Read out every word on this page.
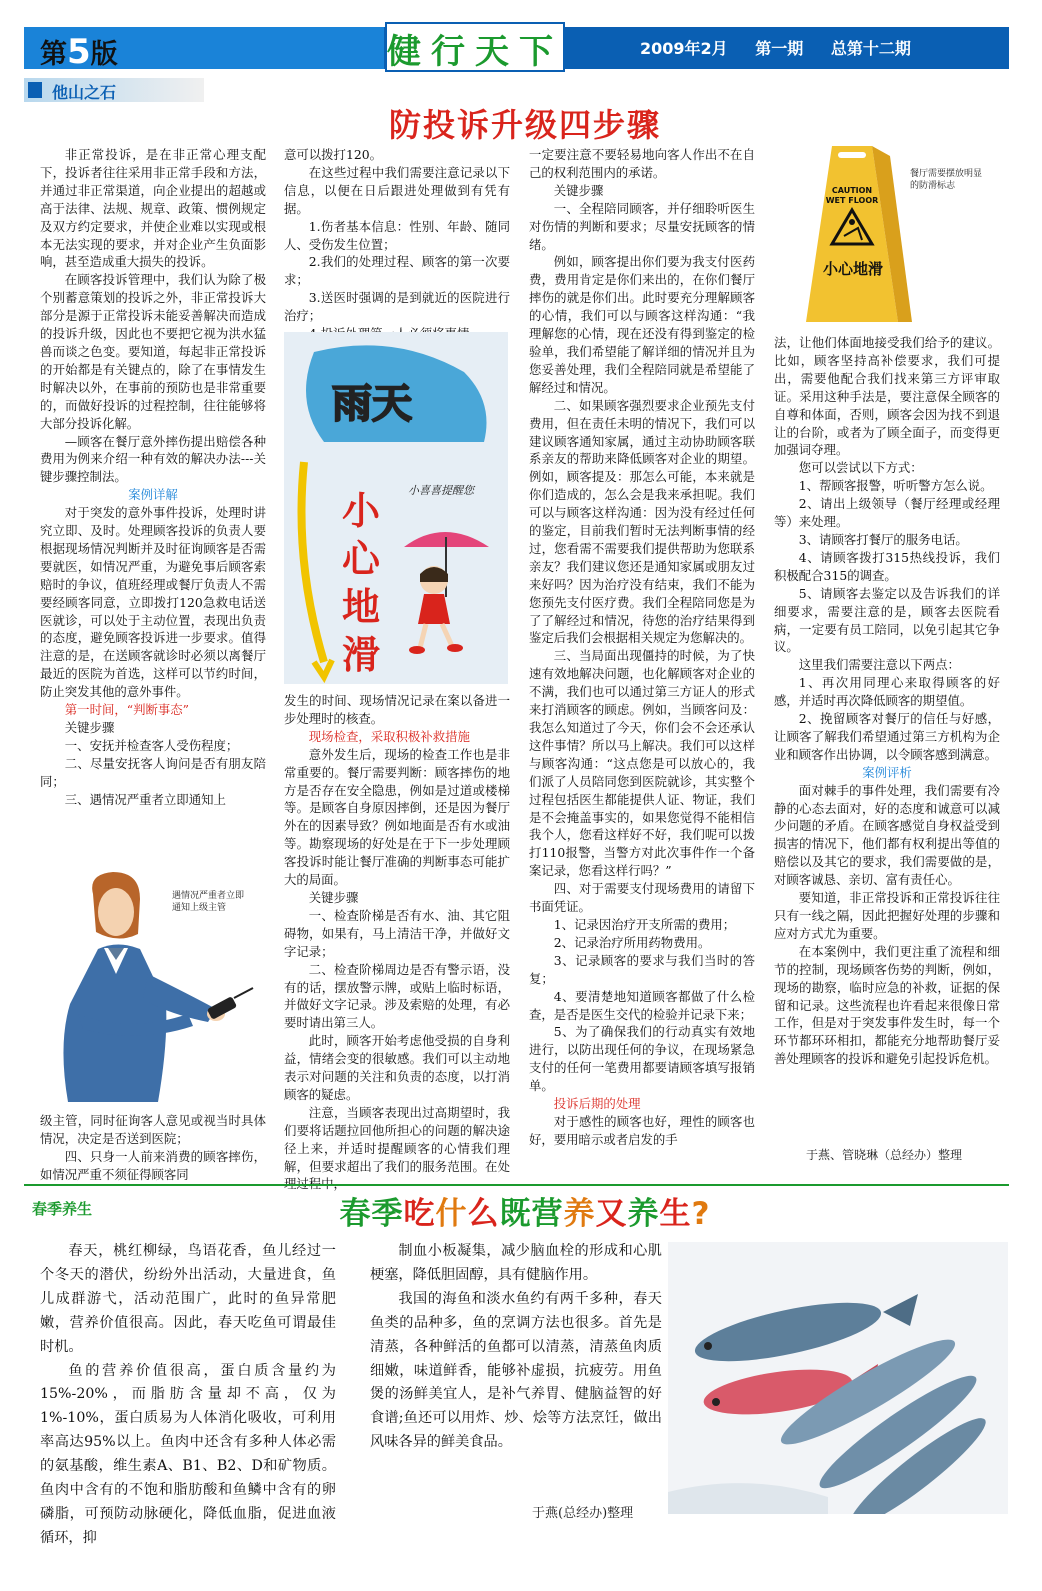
第5版	健行天下	2009年2月 第一期 总第十二期
他山之石
防投诉升级四步骤

非正常投诉，是在非正常心理支配下，投诉者往往采用非正常手段和方法，并通过非正常渠道，向企业提出的超越或高于法律、法规、规章、政策、惯例规定及双方约定要求，并使企业难以实现或根本无法实现的要求，并对企业产生负面影响，甚至造成重大损失的投诉。

在顾客投诉管理中，我们认为除了极个别蓄意策划的投诉之外，非正常投诉大部分是源于正常投诉未能妥善解决而造成的投诉升级，因此也不要把它视为洪水猛兽而谈之色变。要知道，每起非正常投诉的开始都是有关键点的，除了在事情发生时解决以外，在事前的预防也是非常重要的，而做好投诉的过程控制，往往能够将大部分投诉化解。

—顾客在餐厅意外摔伤提出赔偿各种费用为例来介绍一种有效的解决办法---关键步骤控制法。

案例详解

对于突发的意外事件投诉，处理时讲究立即、及时。处理顾客投诉的负责人要根据现场情况判断并及时征询顾客是否需要就医，如情况严重，为避免事后顾客索赔时的争议，值班经理或餐厅负责人不需要经顾客同意，立即拨打120急救电话送医就诊，可以处于主动位置，表现出负责的态度，避免顾客投诉进一步要求。值得注意的是，在送顾客就诊时必须以离餐厅最近的医院为首选，这样可以节约时间，防止突发其他的意外事件。

第一时间，“判断事态”

关键步骤

一、安抚并检查客人受伤程度；

二、尽量安抚客人询问是否有朋友陪同；

三、遇情况严重者立即通知上

遇情况严重者立即通知上级主管

级主管，同时征询客人意见或视当时具体情况，决定是否送到医院；

四、只身一人前来消费的顾客摔伤，如情况严重不须征得顾客同

意可以拨打120。

在这些过程中我们需要注意记录以下信息，以便在日后跟进处理做到有凭有据。

1.伤者基本信息：性别、年龄、随同人、受伤发生位置；

2.我们的处理过程、顾客的第一次要求；

3.送医时强调的是到就近的医院进行治疗；

雨天
小心地滑
小喜喜提醒您

发生的时间、现场情况记录在案以备进一步处理时的核查。

现场检查，采取积极补救措施

意外发生后，现场的检查工作也是非常重要的。餐厅需要判断：顾客摔伤的地方是否存在安全隐患，例如是过道或楼梯等。是顾客自身原因摔倒，还是因为餐厅外在的因素导致？例如地面是否有水或油等。勘察现场的好处是在于下一步处理顾客投诉时能让餐厅准确的判断事态可能扩大的局面。

关键步骤

一、检查阶梯是否有水、油、其它阻碍物，如果有，马上清洁干净，并做好文字记录；

二、检查阶梯周边是否有警示语，没有的话，摆放警示牌，或贴上临时标语，并做好文字记录。涉及索赔的处理，有必要时请出第三人。

此时，顾客开始考虑他受损的自身利益，情绪会变的很敏感。我们可以主动地表示对问题的关注和负责的态度，以打消顾客的疑虑。

注意，当顾客表现出过高期望时，我们要将话题拉回他所担心的问题的解决途径上来，并适时提醒顾客的心情我们理解，但要求超出了我们的服务范围。在处

一定要注意不要轻易地向客人作出不在自己的权利范围内的承诺。

关键步骤

一、全程陪同顾客，并仔细聆听医生对伤情的判断和要求；尽量安抚顾客的情绪。

例如，顾客提出你们要为我支付医药费，费用肯定是你们来出的，在你们餐厅摔伤的就是你们出。此时要充分理解顾客的心情，我们可以与顾客这样沟通：“我理解您的心情，现在还没有得到鉴定的检验单，我们希望能了解详细的情况并且为您妥善处理，我们全程陪同就是希望能了解经过和情况。

二、如果顾客强烈要求企业预先支付费用，但在责任未明的情况下，我们可以建议顾客通知家属，通过主动协助顾客联系亲友的帮助来降低顾客对企业的期望。例如，顾客提及：那怎么可能，本来就是你们造成的，怎么会是我来承担呢。我们可以与顾客这样沟通：因为没有经过任何的鉴定，目前我们暂时无法判断事情的经过，您看需不需要我们提供帮助为您联系亲友？我们建议您还是通知家属或朋友过来好吗？因为治疗没有结束，我们不能为您预先支付医疗费。我们全程陪同您是为了了解经过和情况，待您的治疗结果得到鉴定后我们会根据相关规定为您解决的。

三、当局面出现僵持的时候，为了快速有效地解决问题，也化解顾客对企业的不满，我们也可以通过第三方证人的形式来打消顾客的顾虑。例如，当顾客问及：我怎么知道过了今天，你们会不会还承认这件事情？所以马上解决。我们可以这样与顾客沟通：“这点您是可以放心的，我们派了人员陪同您到医院就诊，其实整个过程包括医生都能提供人证、物证，我们是不会掩盖事实的，如果您觉得不能相信我个人，您看这样好不好，我们呢可以拨打110报警，当警方对此次事件作一个备案记录，您看这样行吗？”

四、对于需要支付现场费用的请留下书面凭证。

1、记录因治疗开支所需的费用；

2、记录治疗所用药物费用。

3、记录顾客的要求与我们当时的答复；

4、要清楚地知道顾客都做了什么检查，是否是医生交代的检验并记录下来；

5、为了确保我们的行动真实有效地进行，以防出现任何的争议，在现场紧急支付的任何一笔费用都要请顾客填写报销单。

投诉后期的处理

对于感性的顾客也好，理性的顾客也好，要用暗示或者启发的手

CAUTION
WET FLOOR
小心地滑
餐厅需要摆放明显的防滑标志

法，让他们体面地接受我们给予的建议。比如，顾客坚持高补偿要求，我们可提出，需要他配合我们找来第三方评审取证。采用这种手法是，要注意保全顾客的自尊和体面，否则，顾客会因为找不到退让的台阶，或者为了顾全面子，而变得更加强词夺理。

您可以尝试以下方式：

1、帮顾客报警，听听警方怎么说。

2、请出上级领导（餐厅经理或经理等）来处理。

3、请顾客打餐厅的服务电话。

4、请顾客拨打315热线投诉，我们积极配合315的调查。

5、请顾客去鉴定以及告诉我们的详细要求，需要注意的是，顾客去医院看病，一定要有员工陪同，以免引起其它争议。

这里我们需要注意以下两点：

1、再次用同理心来取得顾客的好感，并适时再次降低顾客的期望值。

2、挽留顾客对餐厅的信任与好感，让顾客了解我们希望通过第三方机构为企业和顾客作出协调，以令顾客感到满意。

案例评析

面对棘手的事件处理，我们需要有冷静的心态去面对，好的态度和诚意可以减少问题的矛盾。在顾客感觉自身权益受到损害的情况下，他们都有权利提出等值的赔偿以及其它的要求，我们需要做的是，对顾客诚恳、亲切、富有责任心。

要知道，非正常投诉和正常投诉往往只有一线之隔，因此把握好处理的步骤和应对方式尤为重要。

在本案例中，我们更注重了流程和细节的控制，现场顾客伤势的判断，例如，现场的勘察，临时应急的补救，证据的保留和记录。这些流程也许看起来很像日常工作，但是对于突发事件发生时，每一个环节都环环相扣，都能充分地帮助餐厅妥善处理顾客的投诉和避免引起投诉危机。

于燕、管晓琳（总经办）整理
春季养生	春季吃什么既营养又养生?

春天，桃红柳绿，鸟语花香，鱼儿经过一个冬天的潜伏，纷纷外出活动，大量进食，鱼儿成群游弋，活动范围广，此时的鱼异常肥嫩，营养价值很高。因此，春天吃鱼可谓最佳时机。

鱼的营养价值很高，蛋白质含量约为15%-20%，而脂肪含量却不高，仅为1%-10%，蛋白质易为人体消化吸收，可利用率高达95%以上。鱼肉中还含有多种人体必需的氨基酸，维生素A、B1、B2、D和矿物质。鱼肉中含有的不饱和脂肪酸和鱼鳞中含有的卵磷脂，可预防动脉硬化，降低血脂，促进血液循环，抑

制血小板凝集，减少脑血栓的形成和心肌梗塞，降低胆固醇，具有健脑作用。

我国的海鱼和淡水鱼约有两千多种，春天鱼类的品种多，鱼的烹调方法也很多。首先是清蒸，各种鲜活的鱼都可以清蒸，清蒸鱼肉质细嫩，味道鲜香，能够补虚损，抗疲劳。用鱼煲的汤鲜美宜人，是补气养胃、健脑益智的好食谱;鱼还可以用炸、炒、烩等方法烹饪，做出风味各异的鲜美食品。

于燕(总经办)整理
